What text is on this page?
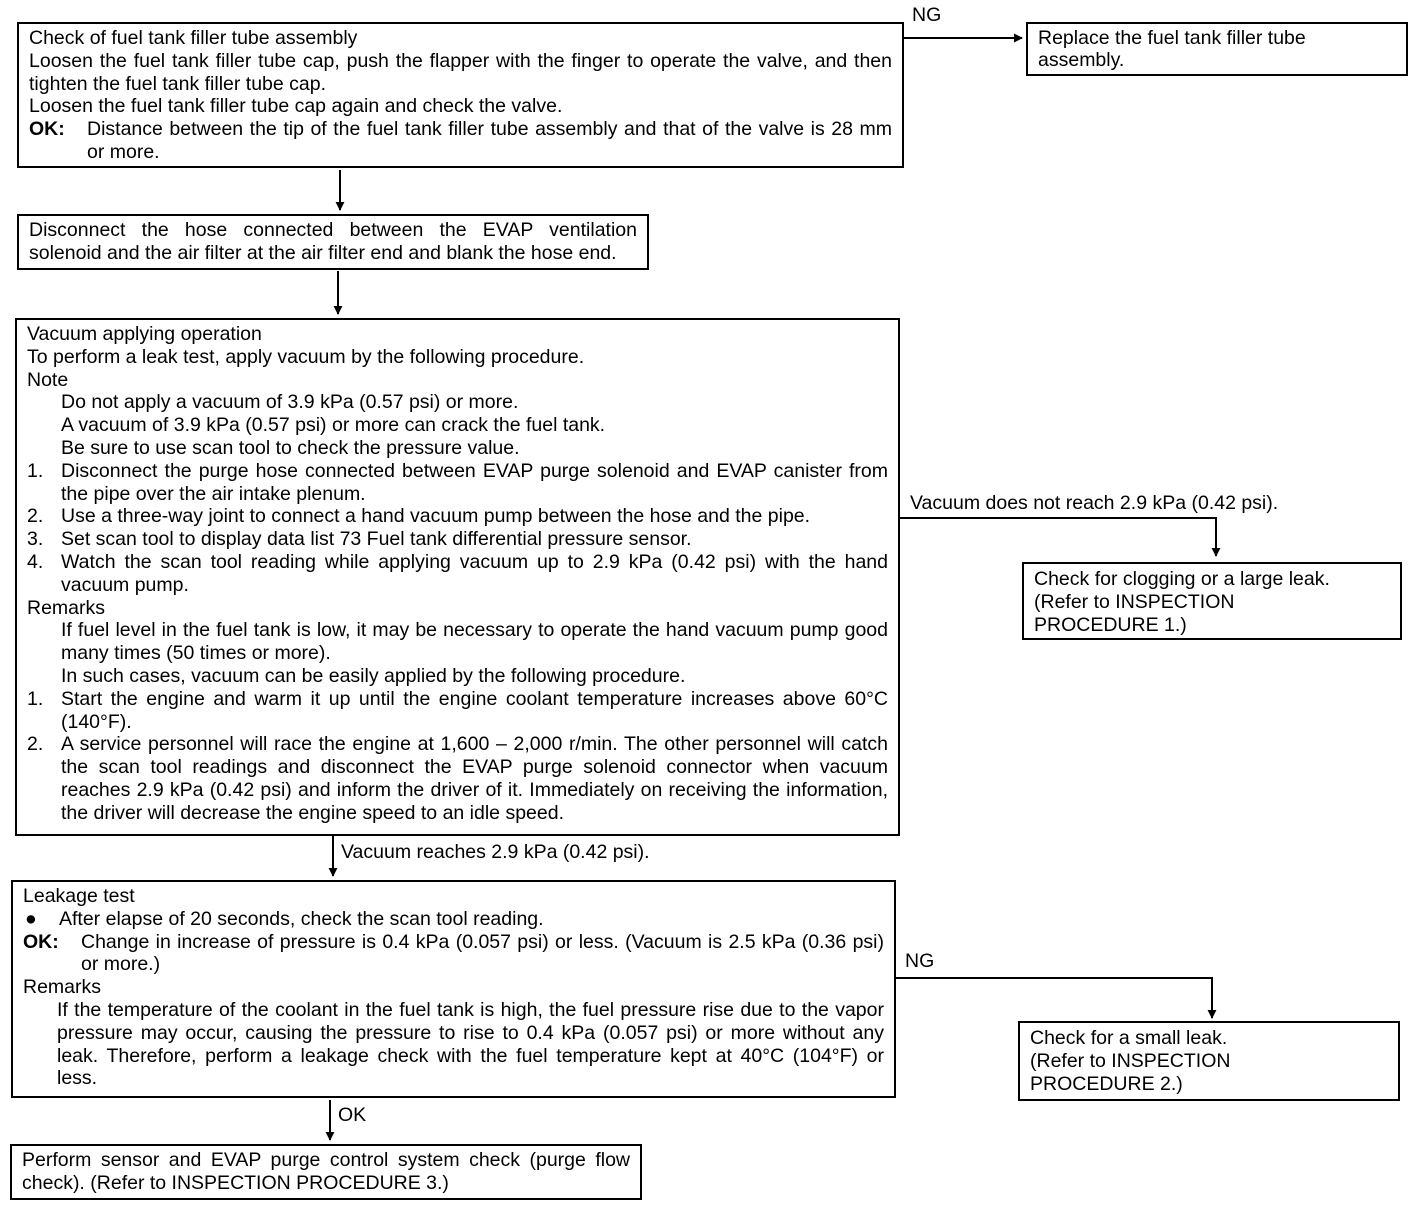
Check of fuel tank filler tube assembly

Loosen the fuel tank filler tube cap, push the flapper with the finger to operate the valve, and then tighten the fuel tank filler tube cap.

Loosen the fuel tank filler tube cap again and check the valve.

OK:	Distance between the tip of the fuel tank filler tube assembly and that of the valve is 28 mm or more.
NG

Replace the fuel tank filler tube assembly.

Disconnect the hose connected between the EVAP ventilation solenoid and the air filter at the air filter end and blank the hose end.

Vacuum applying operation

To perform a leak test, apply vacuum by the following procedure.

Note

Do not apply a vacuum of 3.9 kPa (0.57 psi) or more.

A vacuum of 3.9 kPa (0.57 psi) or more can crack the fuel tank.

Be sure to use scan tool to check the pressure value.

1. Disconnect the purge hose connected between EVAP purge solenoid and EVAP canister from the pipe over the air intake plenum.
2. Use a three-way joint to connect a hand vacuum pump between the hose and the pipe.
3. Set scan tool to display data list 73 Fuel tank differential pressure sensor.
4. Watch the scan tool reading while applying vacuum up to 2.9 kPa (0.42 psi) with the hand vacuum pump.

Remarks

If fuel level in the fuel tank is low, it may be necessary to operate the hand vacuum pump good many times (50 times or more).

In such cases, vacuum can be easily applied by the following procedure.

1. Start the engine and warm it up until the engine coolant temperature increases above 60°C (140°F).
2. A service personnel will race the engine at 1,600 – 2,000 r/min. The other personnel will catch the scan tool readings and disconnect the EVAP purge solenoid connector when vacuum reaches 2.9 kPa (0.42 psi) and inform the driver of it. Immediately on receiving the information, the driver will decrease the engine speed to an idle speed.
Vacuum does not reach 2.9 kPa (0.42 psi).

Check for clogging or a large leak.

(Refer to INSPECTION

PROCEDURE 1.)

Vacuum reaches 2.9 kPa (0.42 psi).

Leakage test

●	After elapse of 20 seconds, check the scan tool reading.
OK:	Change in increase of pressure is 0.4 kPa (0.057 psi) or less. (Vacuum is 2.5 kPa (0.36 psi) or more.)

Remarks

If the temperature of the coolant in the fuel tank is high, the fuel pressure rise due to the vapor pressure may occur, causing the pressure to rise to 0.4 kPa (0.057 psi) or more without any leak. Therefore, perform a leakage check with the fuel temperature kept at 40°C (104°F) or less.

NG

Check for a small leak.

(Refer to INSPECTION

PROCEDURE 2.)

OK

Perform sensor and EVAP purge control system check (purge flow check). (Refer to INSPECTION PROCEDURE 3.)
